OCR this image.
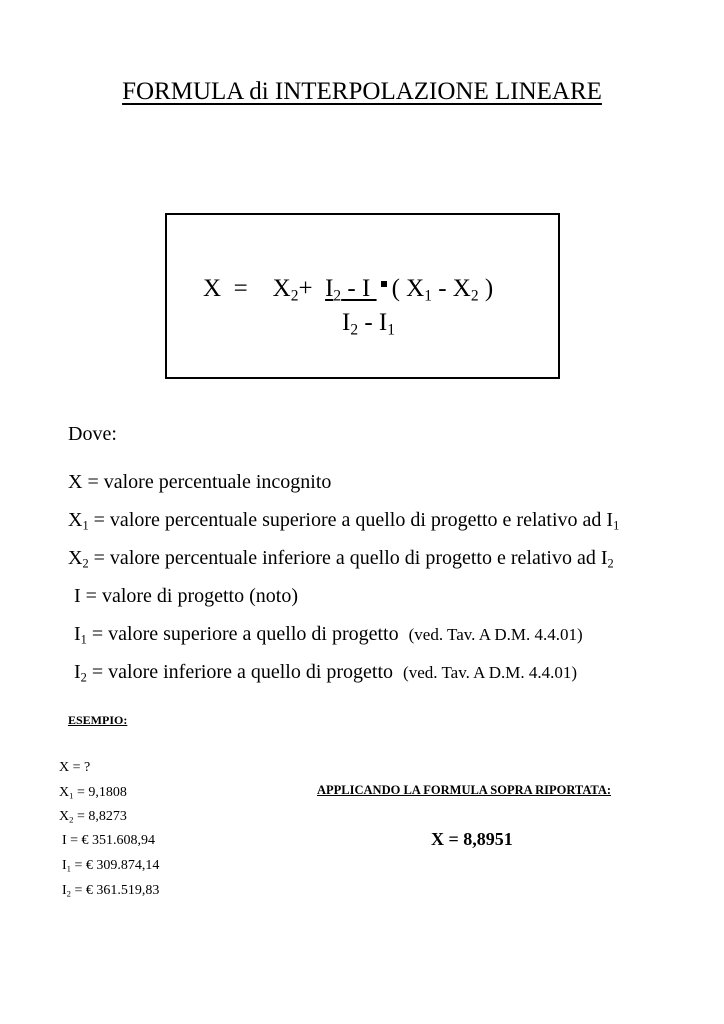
FORMULA di INTERPOLAZIONE LINEARE
$X = X_2+ I_2 - I$ ( $X_1 - X_2$ )
$I_2 - I_1$
Dove:
X = valore percentuale incognito
$X_1$ = valore percentuale superiore a quello di progetto e relativo ad $I_1$
$X_2$ = valore percentuale inferiore a quello di progetto e relativo ad $I_2$
I = valore di progetto (noto)
$I_1$ = valore superiore a quello di progetto (ved. Tav. A D.M. 4.4.01)
$I_2$ = valore inferiore a quello di progetto (ved. Tav. A D.M. 4.4.01)
ESEMPIO:
X = ?
$X_1 = 9,1808$
$X_2 = 8,8273$
I = € 351.608,94
$I_1$ = € 309.874,14
$I_2$ = € 361.519,83
APPLICANDO LA FORMULA SOPRA RIPORTATA:
X = 8,8951
